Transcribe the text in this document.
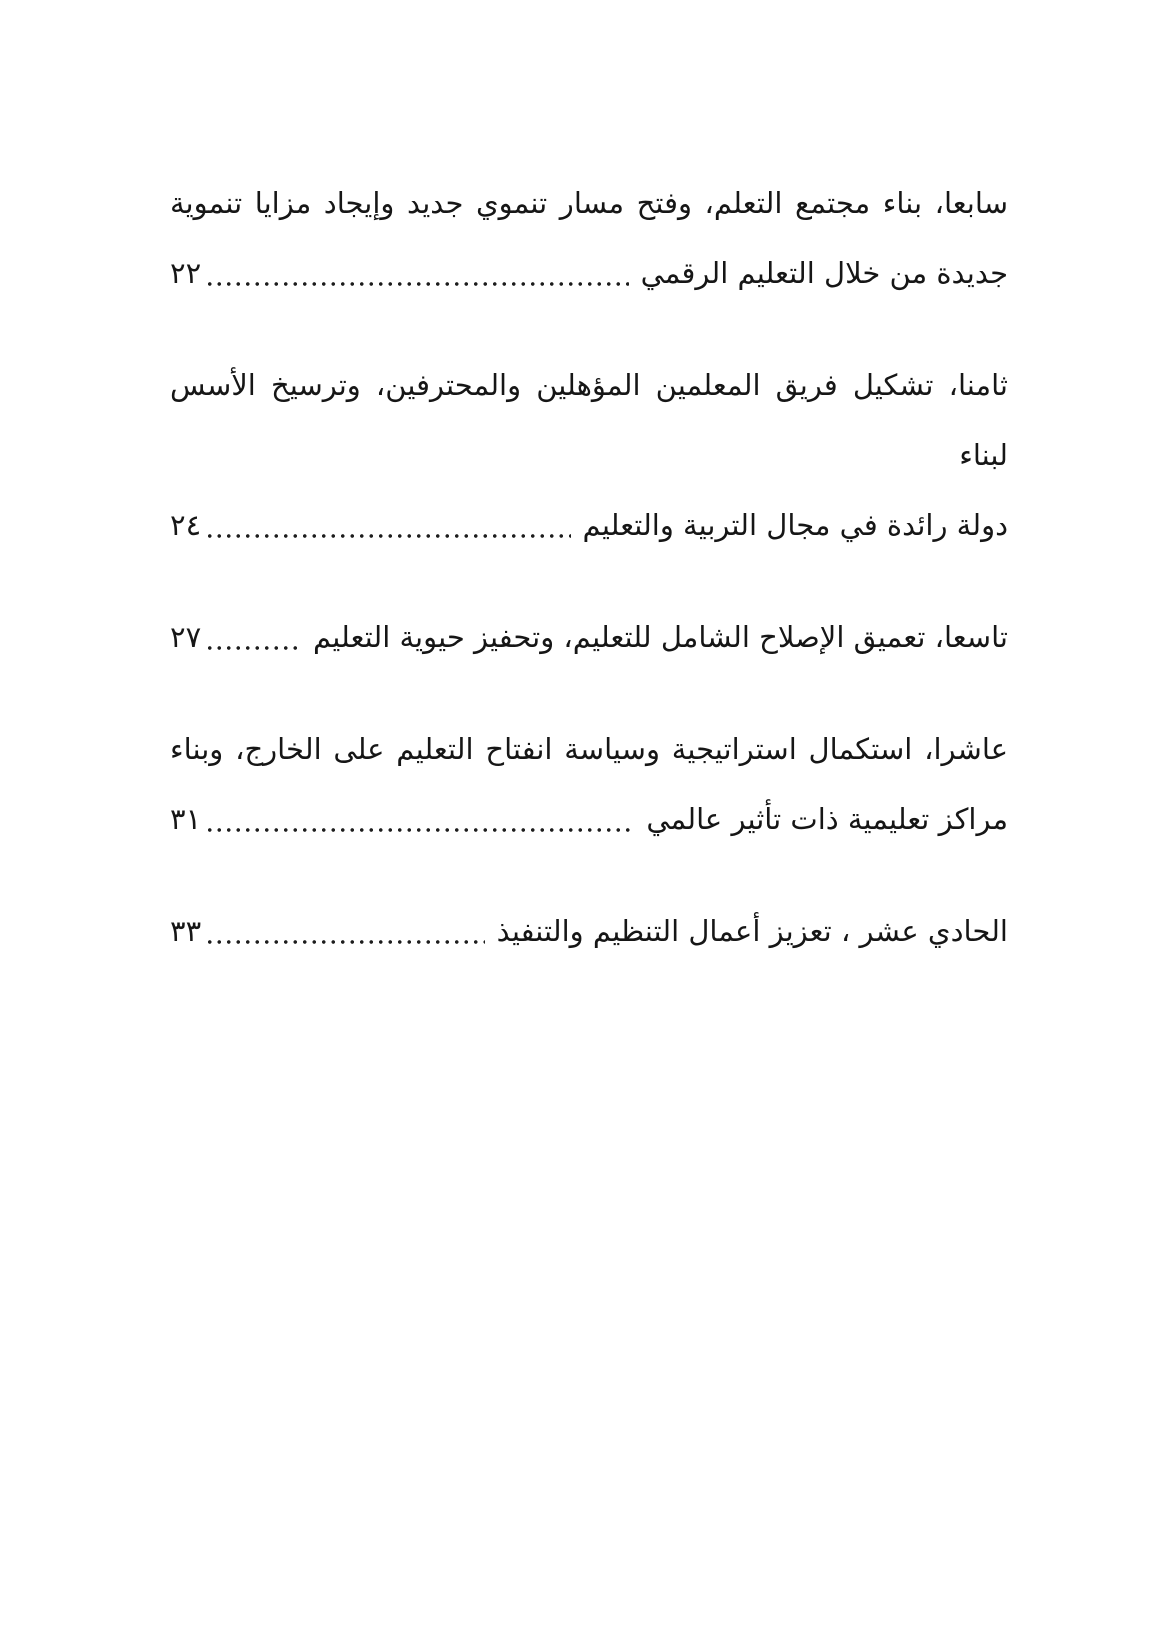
سابعا، بناء مجتمع التعلم، وفتح مسار تنموي جديد وإيجاد مزايا تنموية
جديدة من خلال التعليم الرقمي
٢٢
ثامنا، تشكيل فريق المعلمين المؤهلين والمحترفين، وترسيخ الأسس لبناء
دولة رائدة في مجال التربية والتعليم
٢٤
تاسعا، تعميق الإصلاح الشامل للتعليم، وتحفيز حيوية التعليم
٢٧
عاشرا، استكمال استراتيجية وسياسة انفتاح التعليم على الخارج، وبناء
مراكز تعليمية ذات تأثير عالمي
٣١
الحادي عشر ، تعزيز أعمال التنظيم والتنفيذ
٣٣
